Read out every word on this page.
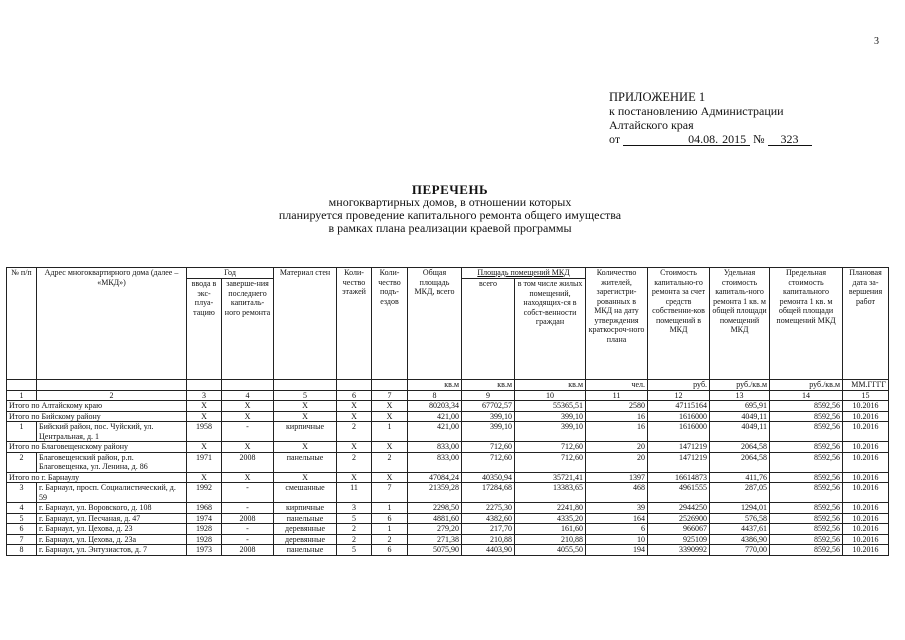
3
ПРИЛОЖЕНИЕ 1
к постановлению Администрации
Алтайского края
от	04.08. 2015 № 323
ПЕРЕЧЕНЬ
многоквартирных домов, в отношении которых
планируется проведение капитального ремонта общего имущества
в рамках плана реализации краевой программы
№ п/п	Адрес многоквартирного дома (далее – «МКД»)	Год		Материал стен	Коли-чество этажей	Коли-чество подъ-ездов	Общая площадь МКД, всего	Площадь помещений МКД		Количество жителей, зарегистри-рованных в МКД на дату утверждения краткосроч-ного плана	Стоимость капитально-го ремонта за счет средств собственни-ков помещений в МКД	Удельная стоимость капиталь-ного ремонта 1 кв. м общей площади помещений МКД	Предельная стоимость капитального ремонта 1 кв. м общей площади помещений МКД	Плановая дата за-вершения работ
		ввода в экс-плуа-тацию	заверше-ния последнего капиталь-ного ремонта					всего	в том числе жилых помещений, находящих-ся в собст-венности граждан					
							кв.м	кв.м	кв.м	чел.	руб.	руб./кв.м	руб./кв.м	ММ.ГГГГ
1	2	3	4	5	6	7	8	9	10	11	12	13	14	15
Итого по Алтайскому краю		X	X	X	X	X	80203,34	67702,57	55365,51	2580	47115164	695,91	8592,56	10.2016
Итого по Бийскому району		X	X	X	X	X	421,00	399,10	399,10	16	1616000	4049,11	8592,56	10.2016
1	Бийский район, пос. Чуйский, ул. Центральная, д. 1	1958	-	кирпичные	2	1	421,00	399,10	399,10	16	1616000	4049,11	8592,56	10.2016
Итого по Благовещенскому району		X	X	X	X	X	833,00	712,60	712,60	20	1471219	2064,58	8592,56	10.2016
2	Благовещенский район, р.п. Благовещенка, ул. Ленина, д. 86	1971	2008	панельные	2	2	833,00	712,60	712,60	20	1471219	2064,58	8592,56	10.2016
Итого по г. Барнаулу		X	X	X	X	X	47084,24	40350,94	35721,41	1397	16614873	411,76	8592,56	10.2016
3	г. Барнаул, просп. Социалистический, д. 59	1992	-	смешанные	11	7	21359,28	17284,68	13383,65	468	4961555	287,05	8592,56	10.2016
4	г. Барнаул, ул. Воровского, д. 108	1968	-	кирпичные	3	1	2298,50	2275,30	2241,80	39	2944250	1294,01	8592,56	10.2016
5	г. Барнаул, ул. Песчаная, д. 47	1974	2008	панельные	5	6	4881,60	4382,60	4335,20	164	2526900	576,58	8592,56	10.2016
6	г. Барнаул, ул. Цехова, д. 23	1928	-	деревянные	2	1	279,20	217,70	161,60	6	966067	4437,61	8592,56	10.2016
7	г. Барнаул, ул. Цехова, д. 23а	1928	-	деревянные	2	2	271,38	210,88	210,88	10	925109	4386,90	8592,56	10.2016
8	г. Барнаул, ул. Энтузиастов, д. 7	1973	2008	панельные	5	6	5075,90	4403,90	4055,50	194	3390992	770,00	8592,56	10.2016
